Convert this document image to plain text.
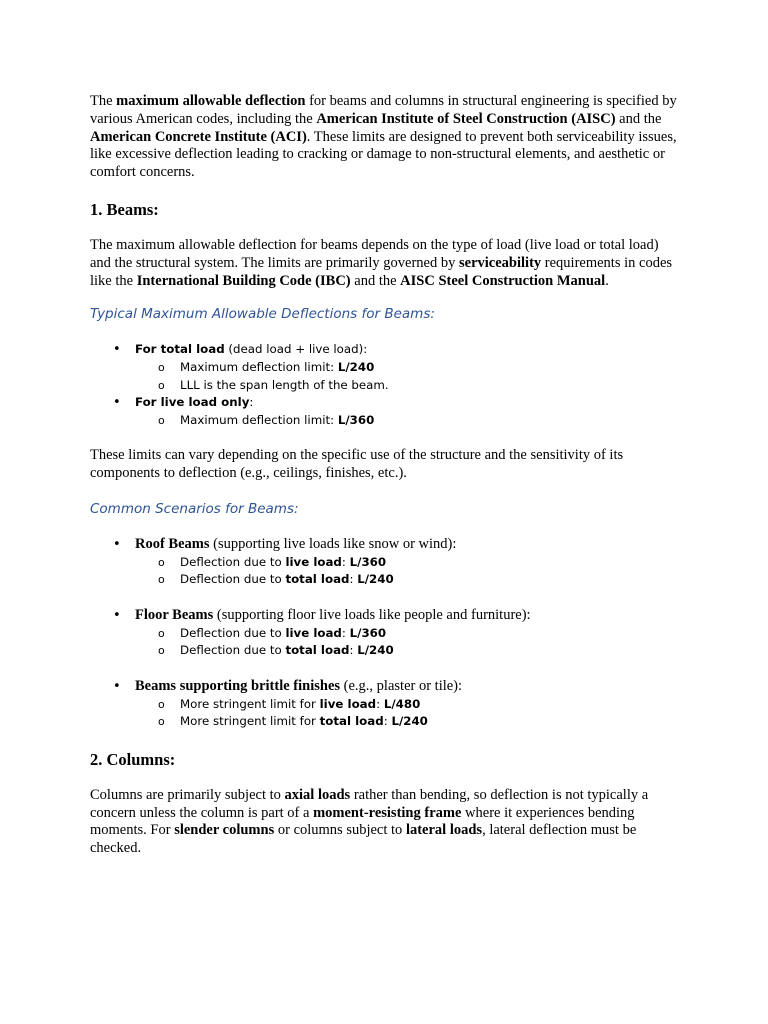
The maximum allowable deflection for beams and columns in structural engineering is specified by various American codes, including the American Institute of Steel Construction (AISC) and the American Concrete Institute (ACI). These limits are designed to prevent both serviceability issues, like excessive deflection leading to cracking or damage to non-structural elements, and aesthetic or comfort concerns.

1. Beams:

The maximum allowable deflection for beams depends on the type of load (live load or total load) and the structural system. The limits are primarily governed by serviceability requirements in codes like the International Building Code (IBC) and the AISC Steel Construction Manual.

Typical Maximum Allowable Deflections for Beams:

• For total load (dead load + live load):
o Maximum deflection limit: L/240
o LLL is the span length of the beam.
• For live load only:
o Maximum deflection limit: L/360

These limits can vary depending on the specific use of the structure and the sensitivity of its components to deflection (e.g., ceilings, finishes, etc.).

Common Scenarios for Beams:

• Roof Beams (supporting live loads like snow or wind):
o Deflection due to live load: L/360
o Deflection due to total load: L/240
• Floor Beams (supporting floor live loads like people and furniture):
o Deflection due to live load: L/360
o Deflection due to total load: L/240
• Beams supporting brittle finishes (e.g., plaster or tile):
o More stringent limit for live load: L/480
o More stringent limit for total load: L/240

2. Columns:

Columns are primarily subject to axial loads rather than bending, so deflection is not typically a concern unless the column is part of a moment-resisting frame where it experiences bending moments. For slender columns or columns subject to lateral loads, lateral deflection must be checked.
